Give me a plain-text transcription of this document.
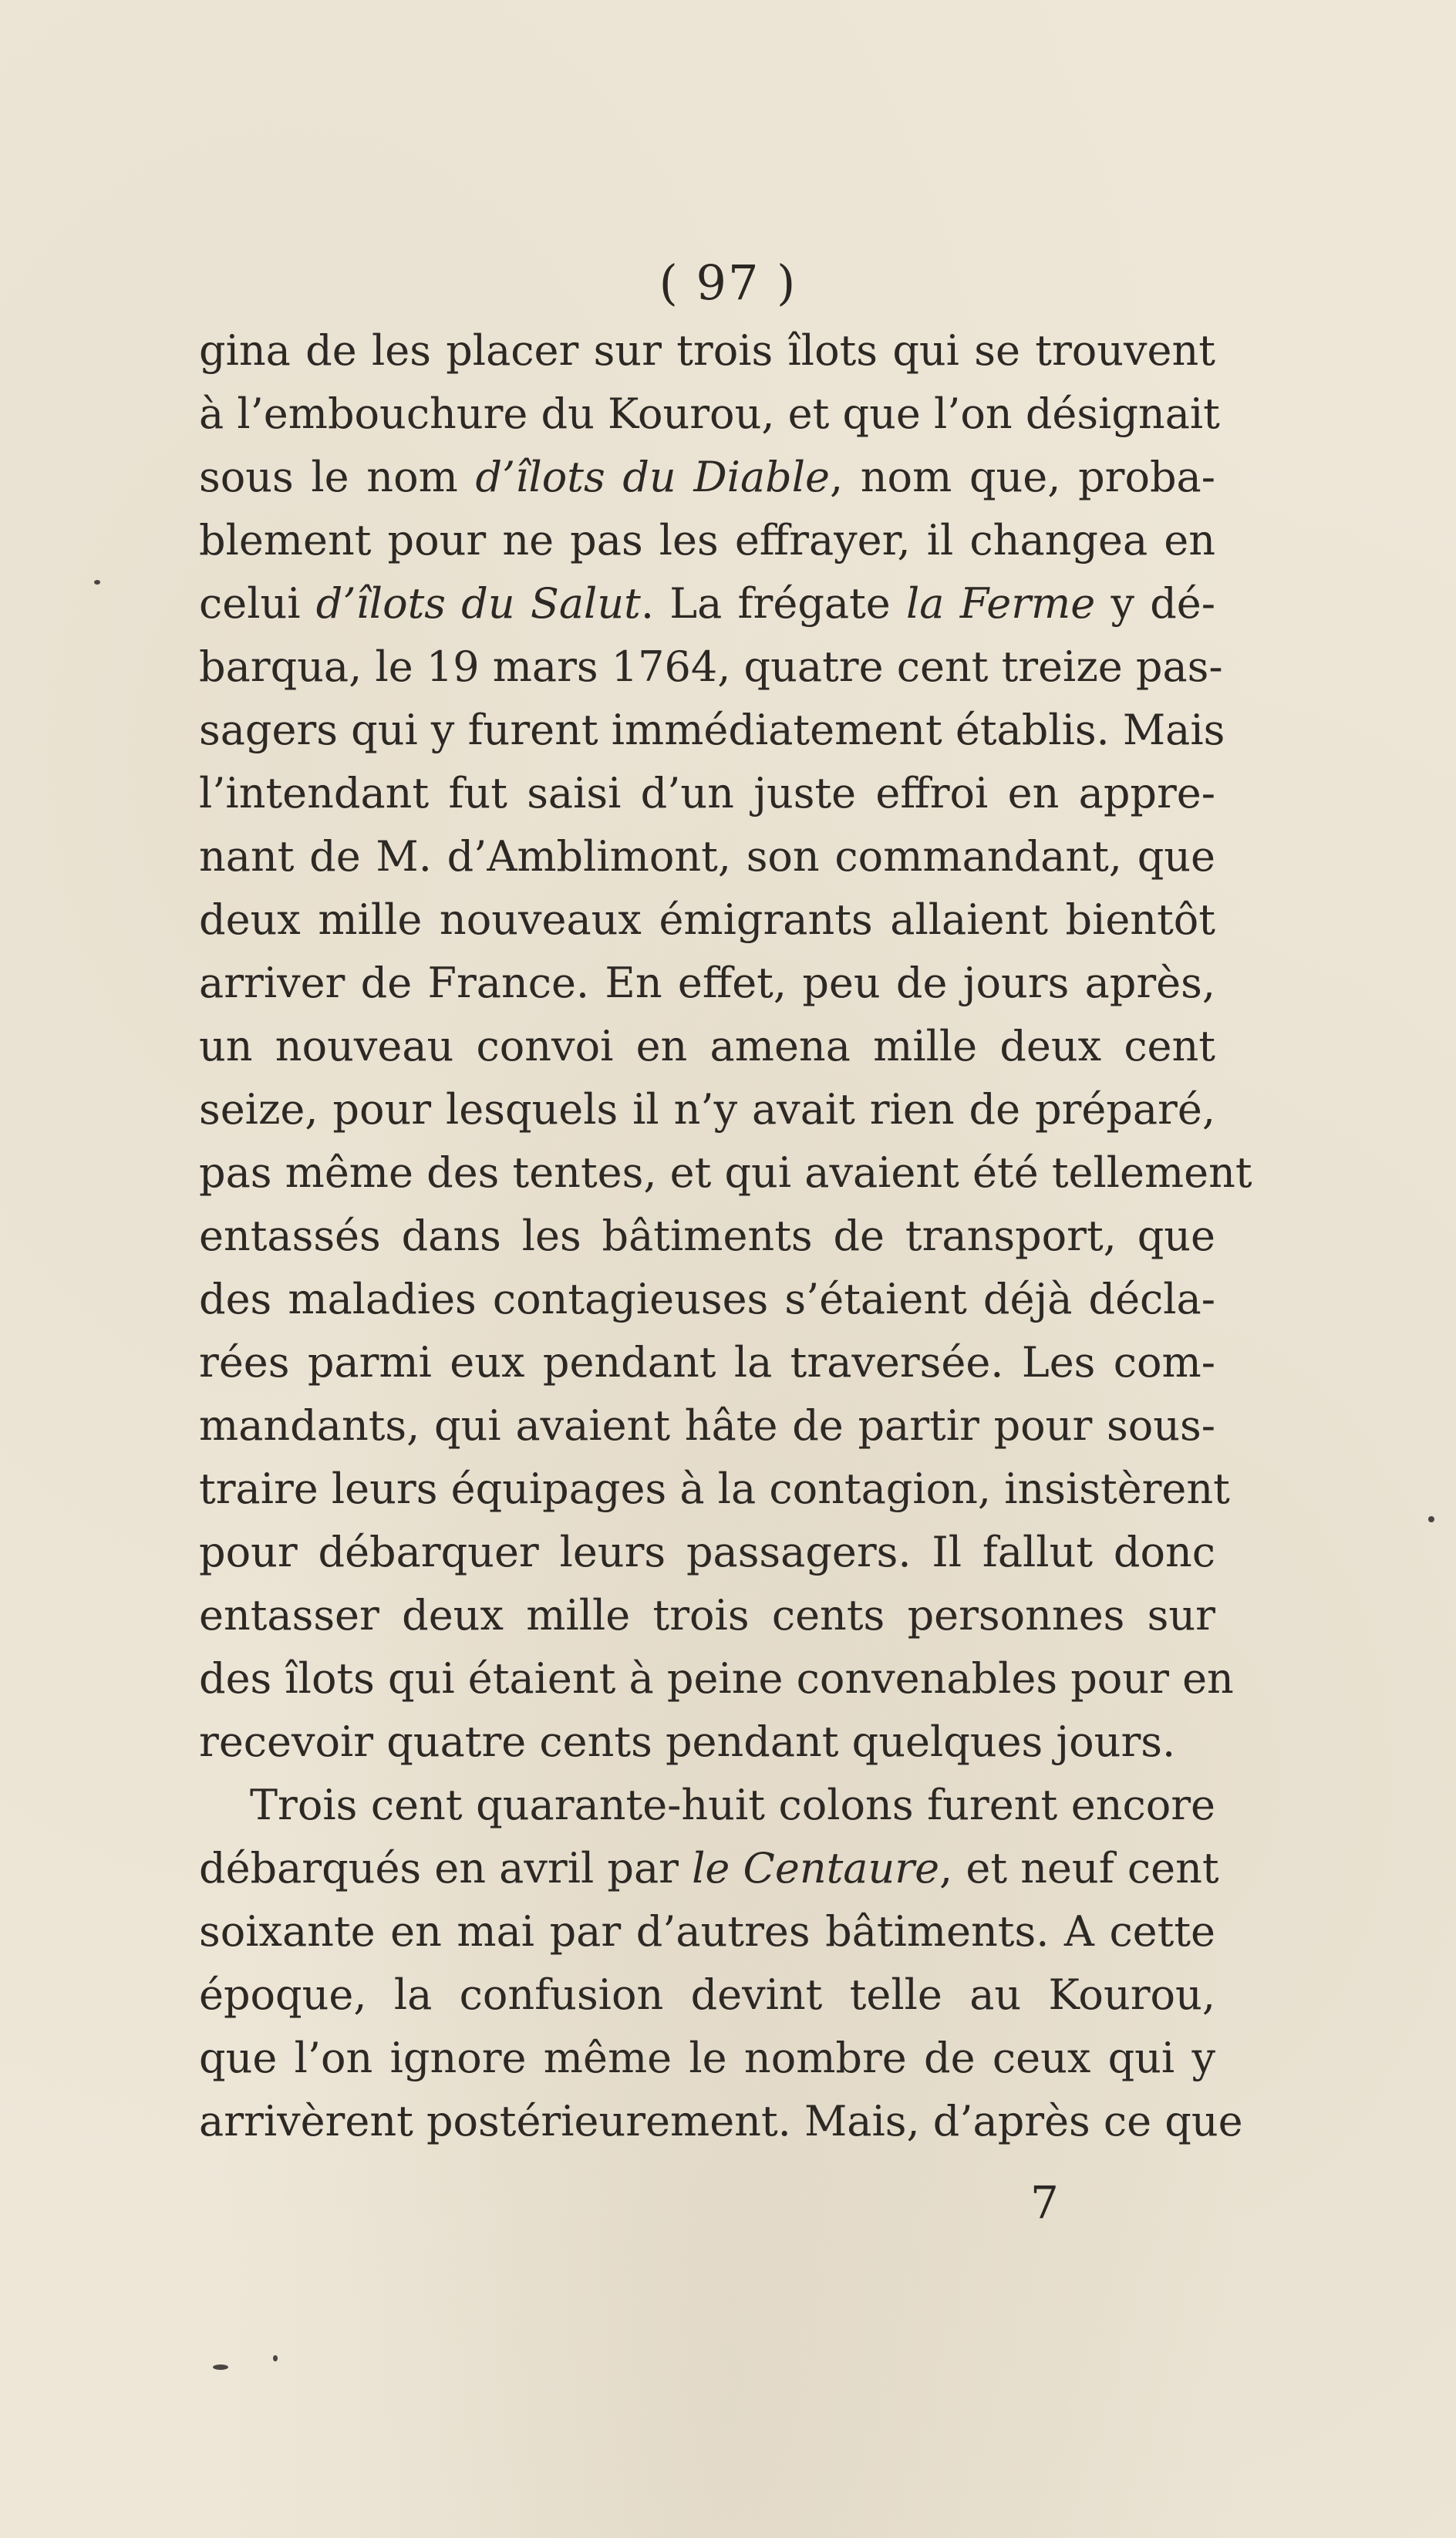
( 97 )
gina de les placer sur trois îlots qui se trouvent
à l’embouchure du Kourou, et que l’on désignait
sous le nom d’îlots du Diable, nom que, proba-
blement pour ne pas les effrayer, il changea en
celui d’îlots du Salut. La frégate la Ferme y dé-
barqua, le 19 mars 1764, quatre cent treize pas-
sagers qui y furent immédiatement établis. Mais
l’intendant fut saisi d’un juste effroi en appre-
nant de M. d’Amblimont, son commandant, que
deux mille nouveaux émigrants allaient bientôt
arriver de France. En effet, peu de jours après,
un nouveau convoi en amena mille deux cent
seize, pour lesquels il n’y avait rien de préparé,
pas même des tentes, et qui avaient été tellement
entassés dans les bâtiments de transport, que
des maladies contagieuses s’étaient déjà décla-
rées parmi eux pendant la traversée. Les com-
mandants, qui avaient hâte de partir pour sous-
traire leurs équipages à la contagion, insistèrent
pour débarquer leurs passagers. Il fallut donc
entasser deux mille trois cents personnes sur
des îlots qui étaient à peine convenables pour en
recevoir quatre cents pendant quelques jours.
Trois cent quarante-huit colons furent encore
débarqués en avril par le Centaure, et neuf cent
soixante en mai par d’autres bâtiments. A cette
époque, la confusion devint telle au Kourou,
que l’on ignore même le nombre de ceux qui y
arrivèrent postérieurement. Mais, d’après ce que
7
